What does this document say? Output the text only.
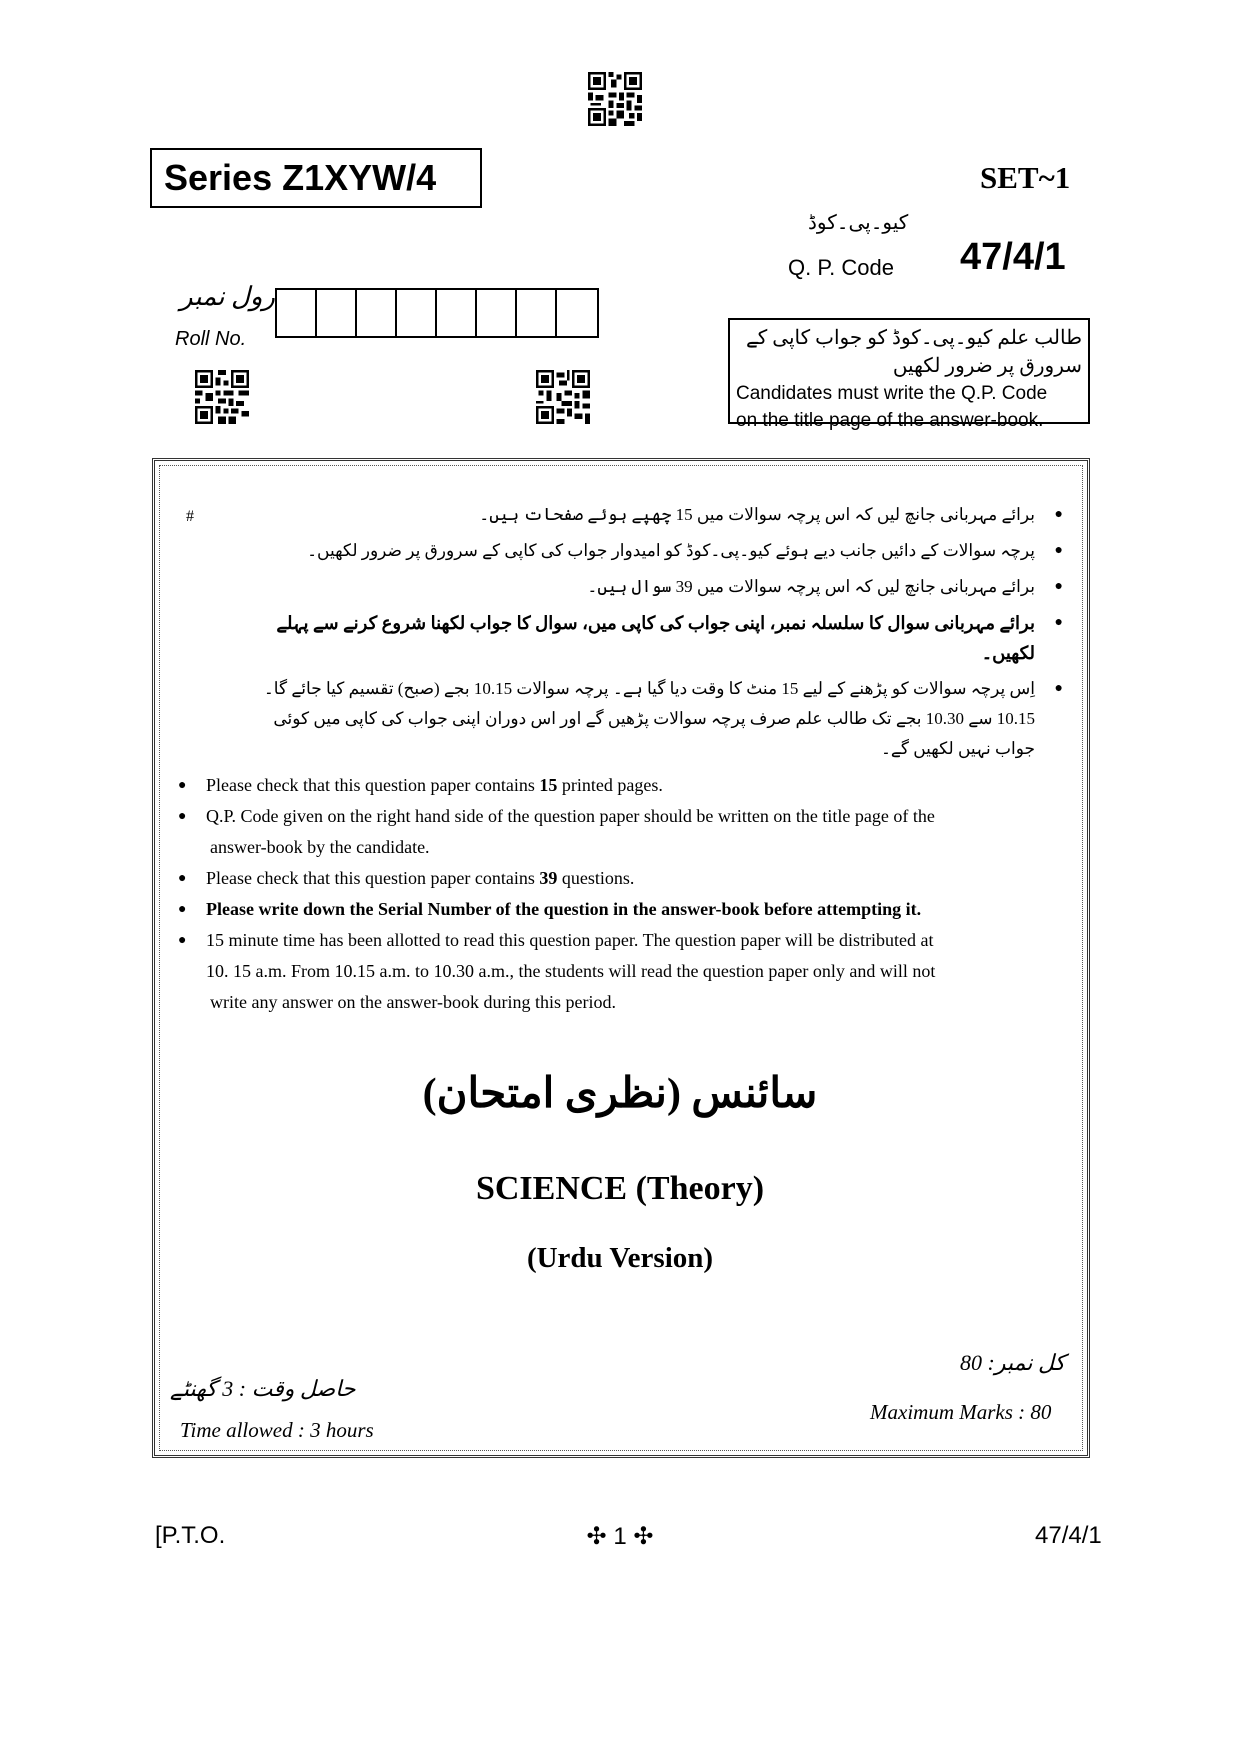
Series Z1XYW/4	SET~1
کیو۔پی۔کوڈ
Q. P. Code 47/4/1
رول نمبر
Roll No.	طالب علم کیو۔پی۔کوڈ کو جواب کاپی کے سرورق پر ضرور لکھیں
Candidates must write the Q.P. Code
on the title page of the answer-book.
#	●
برائے مہربانی جانچ لیں کہ اس پرچہ سوالات میں 15 چھپے ہوئے صفحات ہیں۔
●
پرچہ سوالات کے دائیں جانب دیے ہوئے کیو۔پی۔کوڈ کو امیدوار جواب کی کاپی کے سرورق پر ضرور لکھیں۔
●
برائے مہربانی جانچ لیں کہ اس پرچہ سوالات میں 39 سوال ہیں۔
●
برائے مہربانی سوال کا سلسلہ نمبر، اپنی جواب کی کاپی میں، سوال کا جواب لکھنا شروع کرنے سے پہلے لکھیں۔
●
اِس پرچہ سوالات کو پڑھنے کے لیے 15 منٹ کا وقت دیا گیا ہے۔ پرچہ سوالات 10.15 بجے (صبح) تقسیم کیا جائے گا۔ 10.15 سے 10.30 بجے تک طالب علم صرف پرچہ سوالات پڑھیں گے اور اس دوران اپنی جواب کی کاپی میں کوئی جواب نہیں لکھیں گے۔
● Please check that this question paper contains 15 printed pages.
● Q.P. Code given on the right hand side of the question paper should be written on the title page of the
answer-book by the candidate.
● Please check that this question paper contains 39 questions.
● Please write down the Serial Number of the question in the answer-book before attempting it.
● 15 minute time has been allotted to read this question paper. The question paper will be distributed at
10. 15 a.m. From 10.15 a.m. to 10.30 a.m., the students will read the question paper only and will not
write any answer on the answer-book during this period.
سائنس (نظری امتحان)
SCIENCE (Theory)
(Urdu Version)
کل نمبر: 80
Maximum Marks : 80
حاصل وقت : 3 گھنٹے
Time allowed : 3 hours
[P.T.O.	✣ 1 ✣	47/4/1
